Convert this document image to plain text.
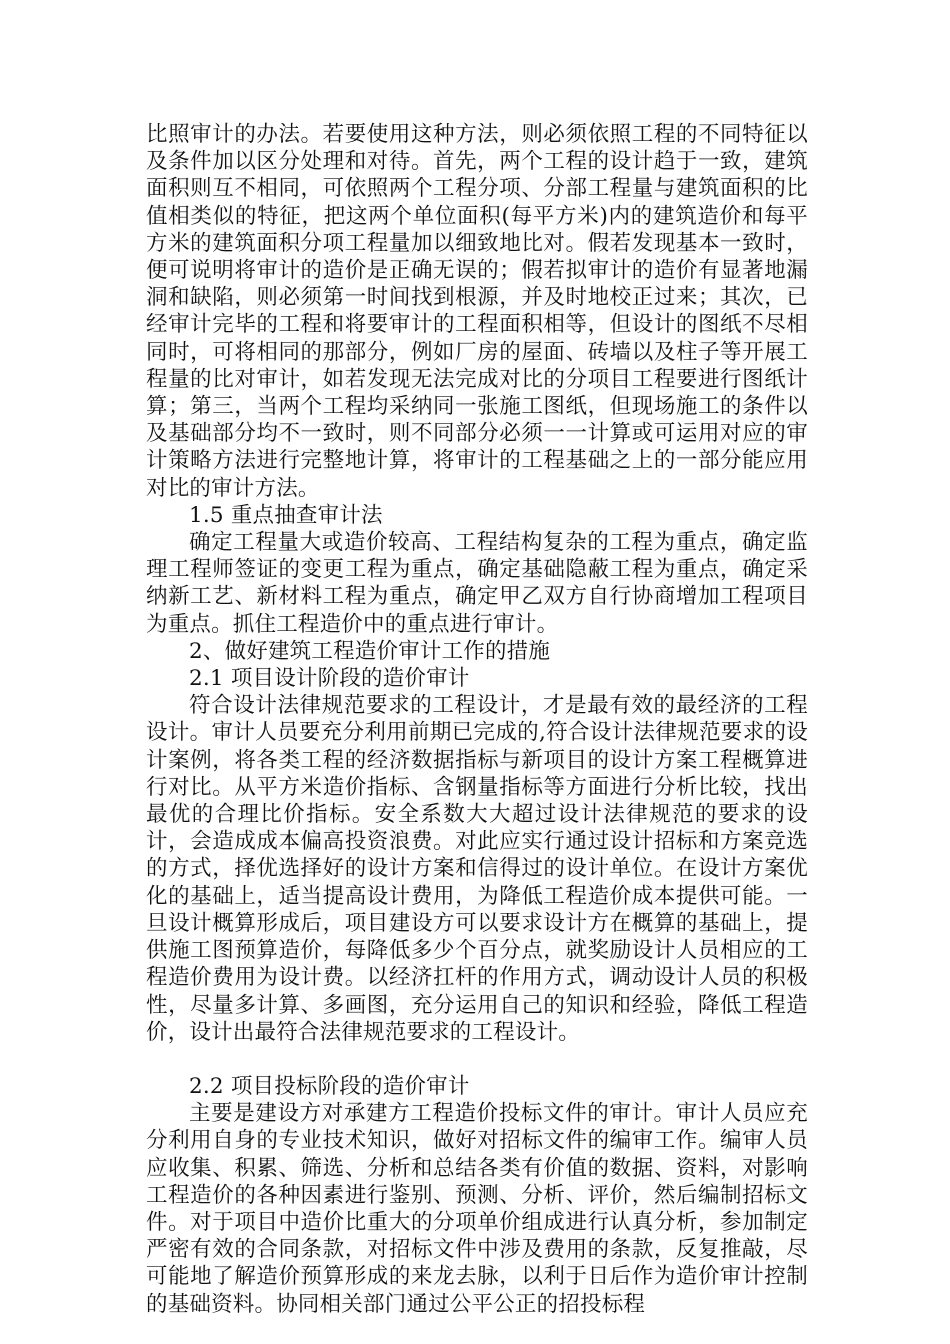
比照审计的办法。若要使用这种方法，则必须依照工程的不同特征以及条件加以区分处理和对待。首先，两个工程的设计趋于一致，建筑面积则互不相同，可依照两个工程分项、分部工程量与建筑面积的比值相类似的特征，把这两个单位面积(每平方米)内的建筑造价和每平方米的建筑面积分项工程量加以细致地比对。假若发现基本一致时，便可说明将审计的造价是正确无误的；假若拟审计的造价有显著地漏洞和缺陷，则必须第一时间找到根源，并及时地校正过来；其次，已经审计完毕的工程和将要审计的工程面积相等，但设计的图纸不尽相同时，可将相同的那部分，例如厂房的屋面、砖墙以及柱子等开展工程量的比对审计，如若发现无法完成对比的分项目工程要进行图纸计算；第三，当两个工程均采纳同一张施工图纸，但现场施工的条件以及基础部分均不一致时，则不同部分必须一一计算或可运用对应的审计策略方法进行完整地计算，将审计的工程基础之上的一部分能应用对比的审计方法。

1.5 重点抽查审计法

确定工程量大或造价较高、工程结构复杂的工程为重点，确定监理工程师签证的变更工程为重点，确定基础隐蔽工程为重点，确定采纳新工艺、新材料工程为重点，确定甲乙双方自行协商增加工程项目为重点。抓住工程造价中的重点进行审计。

2、做好建筑工程造价审计工作的措施

2.1 项目设计阶段的造价审计

符合设计法律规范要求的工程设计，才是最有效的最经济的工程设计。审计人员要充分利用前期已完成的,符合设计法律规范要求的设计案例，将各类工程的经济数据指标与新项目的设计方案工程概算进行对比。从平方米造价指标、含钢量指标等方面进行分析比较，找出最优的合理比价指标。安全系数大大超过设计法律规范的要求的设计，会造成成本偏高投资浪费。对此应实行通过设计招标和方案竞选的方式，择优选择好的设计方案和信得过的设计单位。在设计方案优化的基础上，适当提高设计费用，为降低工程造价成本提供可能。一旦设计概算形成后，项目建设方可以要求设计方在概算的基础上，提供施工图预算造价，每降低多少个百分点，就奖励设计人员相应的工程造价费用为设计费。以经济扛杆的作用方式，调动设计人员的积极性，尽量多计算、多画图，充分运用自己的知识和经验，降低工程造价，设计出最符合法律规范要求的工程设计。

2.2 项目投标阶段的造价审计

主要是建设方对承建方工程造价投标文件的审计。审计人员应充分利用自身的专业技术知识，做好对招标文件的编审工作。编审人员应收集、积累、筛选、分析和总结各类有价值的数据、资料，对影响工程造价的各种因素进行鉴别、预测、分析、评价，然后编制招标文件。对于项目中造价比重大的分项单价组成进行认真分析，参加制定严密有效的合同条款，对招标文件中涉及费用的条款，反复推敲，尽可能地了解造价预算形成的来龙去脉，以利于日后作为造价审计控制的基础资料。协同相关部门通过公平公正的招投标程
